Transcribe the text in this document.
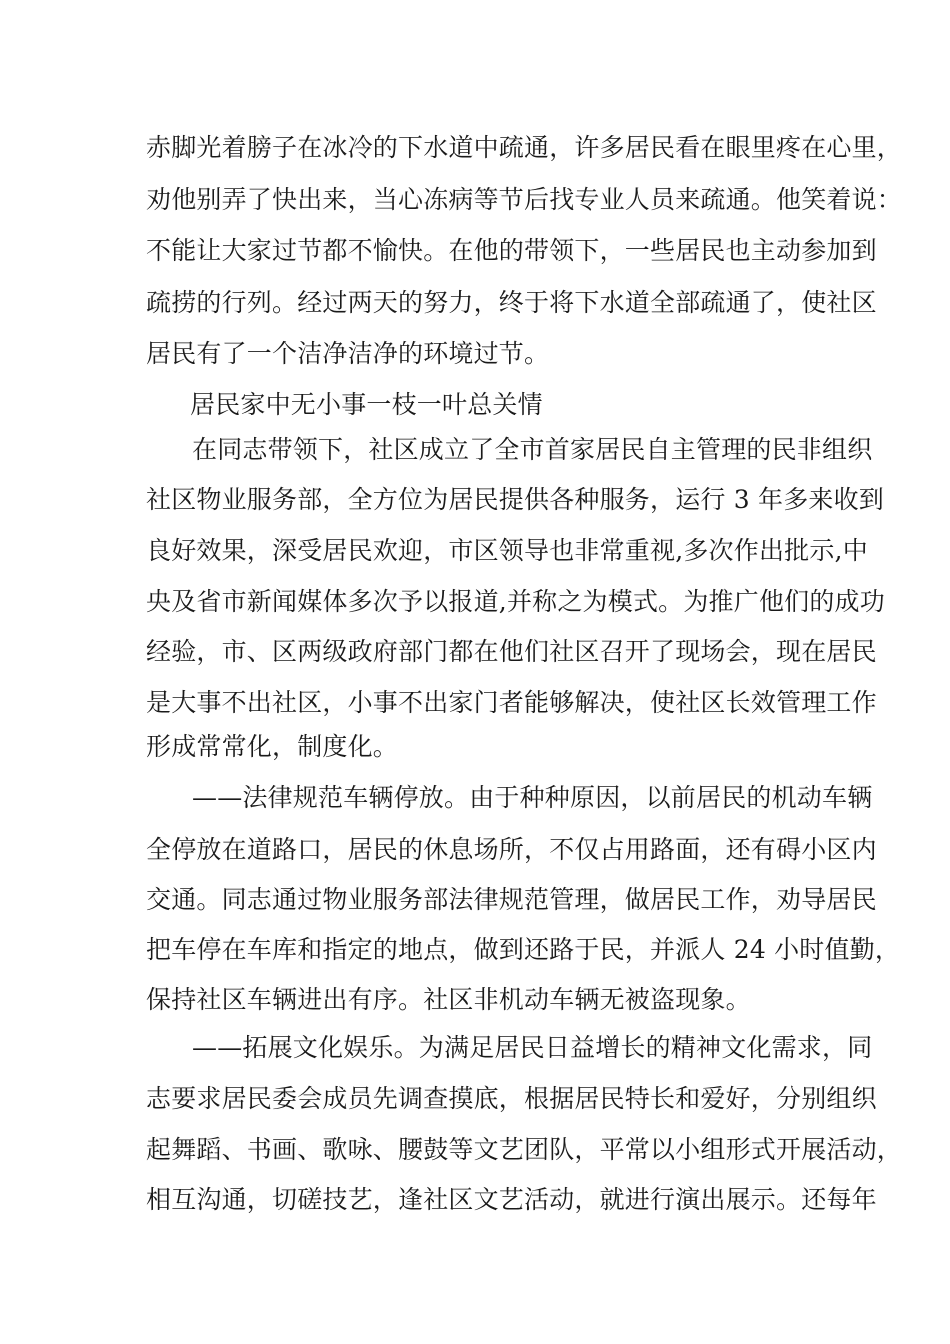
赤脚光着膀子在冰冷的下水道中疏通，许多居民看在眼里疼在心里，
劝他别弄了快出来，当心冻病等节后找专业人员来疏通。他笑着说：
不能让大家过节都不愉快。在他的带领下，一些居民也主动参加到
疏捞的行列。经过两天的努力，终于将下水道全部疏通了，使社区
居民有了一个洁净洁净的环境过节。
居民家中无小事一枝一叶总关情
在同志带领下，社区成立了全市首家居民自主管理的民非组织
社区物业服务部，全方位为居民提供各种服务，运行 3 年多来收到
良好效果，深受居民欢迎，市区领导也非常重视,多次作出批示,中
央及省市新闻媒体多次予以报道,并称之为模式。为推广他们的成功
经验，市、区两级政府部门都在他们社区召开了现场会，现在居民
是大事不出社区，小事不出家门者能够解决，使社区长效管理工作
形成常常化，制度化。
——法律规范车辆停放。由于种种原因，以前居民的机动车辆
全停放在道路口，居民的休息场所，不仅占用路面，还有碍小区内
交通。同志通过物业服务部法律规范管理，做居民工作，劝导居民
把车停在车库和指定的地点，做到还路于民，并派人 24 小时值勤，
保持社区车辆进出有序。社区非机动车辆无被盗现象。
——拓展文化娱乐。为满足居民日益增长的精神文化需求，同
志要求居民委会成员先调查摸底，根据居民特长和爱好，分别组织
起舞蹈、书画、歌咏、腰鼓等文艺团队，平常以小组形式开展活动，
相互沟通，切磋技艺，逢社区文艺活动，就进行演出展示。还每年
